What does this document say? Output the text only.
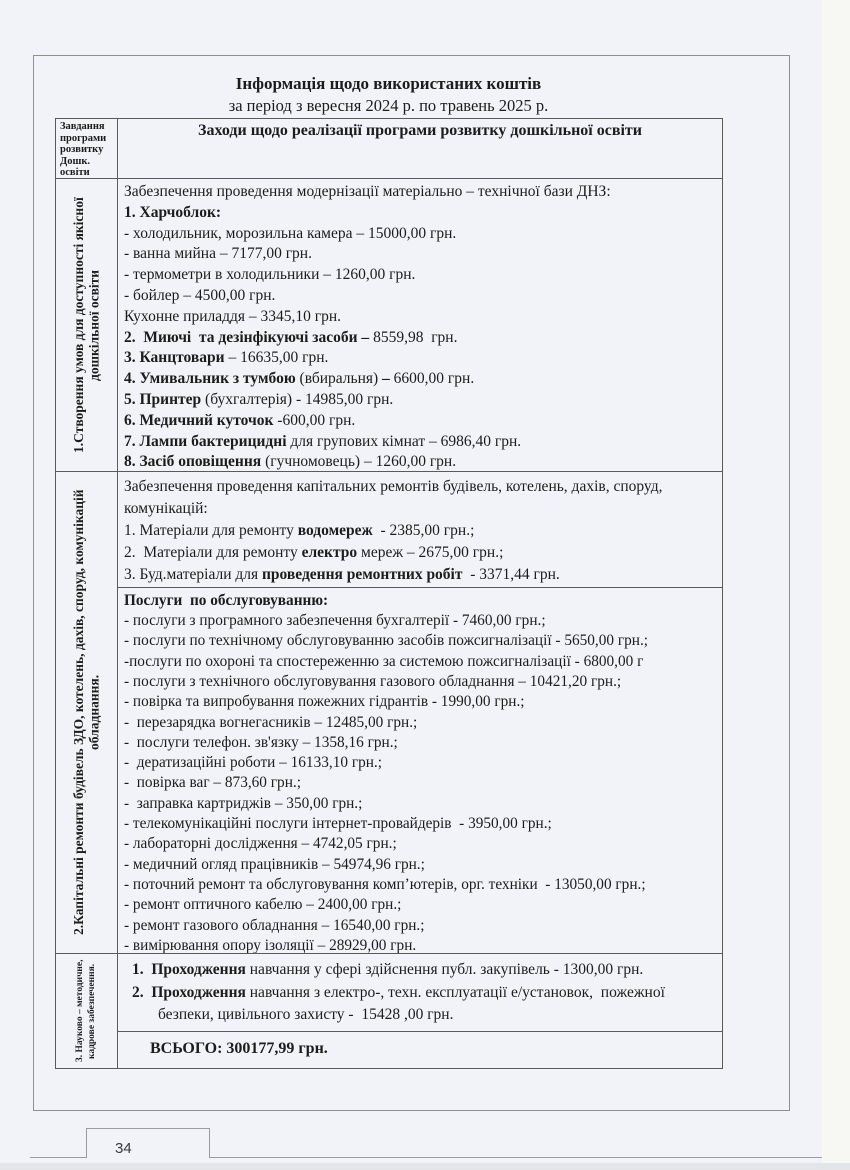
Інформація щодо використаних коштів
за період з вересня 2024 р. по травень 2025 р.
Завдання програми розвитку Дошк. освіти
Заходи щодо реалізації програми розвитку дошкільної освіти
1.Створення умов для доступності якісної дошкільної освіти
Забезпечення проведення модернізації матеріально – технічної бази ДНЗ:
1. Харчоблок:
- холодильник, морозильна камера – 15000,00 грн.
- ванна мийна – 7177,00 грн.
- термометри в холодильники – 1260,00 грн.
- бойлер – 4500,00 грн.
Кухонне приладдя – 3345,10 грн.
2.  Миючі  та дезінфікуючі засоби – 8559,98  грн.
3. Канцтовари – 16635,00 грн.
4. Умивальник з тумбою (вбиральня) – 6600,00 грн.
5. Принтер (бухгалтерія) - 14985,00 грн.
6. Медичний куточок -600,00 грн.
7. Лампи бактерицидні для групових кімнат – 6986,40 грн.
8. Засіб оповіщення (гучномовець) – 1260,00 грн.
2.Капітальні ремонти будівель ЗДО, котелень, дахів, споруд, комунікацій обладнання.
Забезпечення проведення капітальних ремонтів будівель, котелень, дахів, споруд, комунікацій:
1. Матеріали для ремонту водомереж  - 2385,00 грн.;
2.  Матеріали для ремонту електро мереж – 2675,00 грн.;
3. Буд.матеріали для проведення ремонтних робіт  - 3371,44 грн.
Послуги  по обслуговуванню:
- послуги з програмного забезпечення бухгалтерії - 7460,00 грн.;
- послуги по технічному обслуговуванню засобів пожсигналізації - 5650,00 грн.;
-послуги по охороні та спостереженню за системою пожсигналізації - 6800,00 г
- послуги з технічного обслуговування газового обладнання – 10421,20 грн.;
- повірка та випробування пожежних гідрантів - 1990,00 грн.;
-  перезарядка вогнегасників – 12485,00 грн.;
-  послуги телефон. зв'язку – 1358,16 грн.;
-  дератизаційні роботи – 16133,10 грн.;
-  повірка ваг – 873,60 грн.;
-  заправка картриджів – 350,00 грн.;
- телекомунікаційні послуги інтернет-провайдерів  - 3950,00 грн.;
- лабораторні дослідження – 4742,05 грн.;
- медичний огляд працівників – 54974,96 грн.;
- поточний ремонт та обслуговування комп’ютерів, орг. техніки  - 13050,00 грн.;
- ремонт оптичного кабелю – 2400,00 грн.;
- ремонт газового обладнання – 16540,00 грн.;
- вимірювання опору ізоляції – 28929,00 грн.
3. Науково – методичне, кадрове забезпечення.	1.  Проходження навчання у сфері здійснення публ. закупівель - 1300,00 грн.
2.  Проходження навчання з електро-, техн. експлуатації е/установок,  пожежної безпеки, цивільного захисту -  15428 ,00 грн.
ВСЬОГО: 300177,99 грн.
34
